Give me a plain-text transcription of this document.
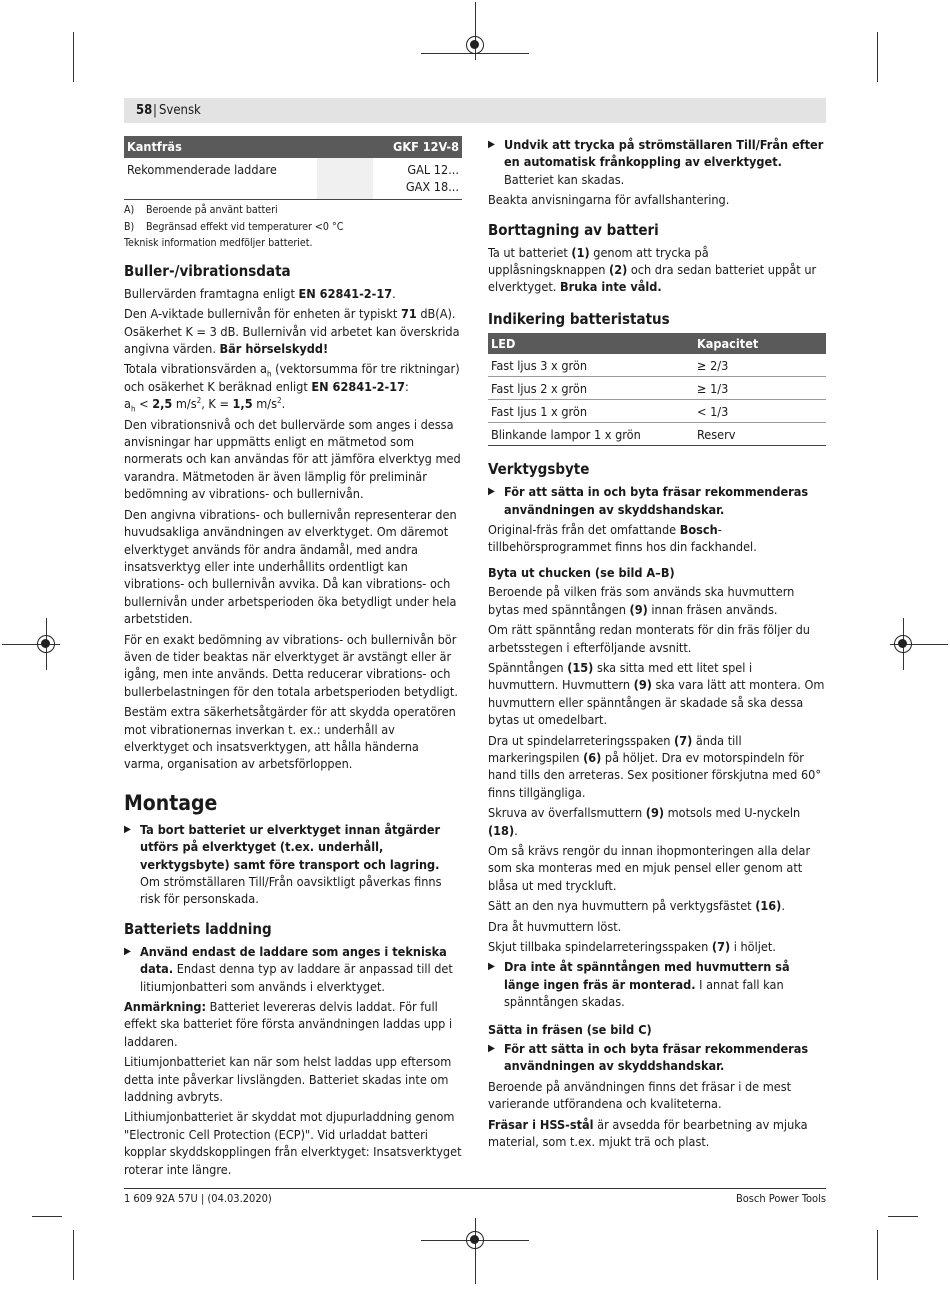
58 | Svensk
Kantfräs		GKF 12V-8
Rekommenderade laddare		GAL 12...
GAX 18...
A) Beroende på använt batteri
B) Begränsad effekt vid temperaturer <0 °C
Teknisk information medföljer batteriet.
Buller-/vibrationsdata

Bullervärden framtagna enligt EN 62841-2-17.

Den A-viktade bullernivån för enheten är typiskt 71 dB(A). Osäkerhet K = 3 dB. Bullernivån vid arbetet kan överskrida angivna värden. Bär hörselskydd!

Totala vibrationsvärden $a_h$ (vektorsumma för tre riktningar) och osäkerhet K beräknad enligt EN 62841-2-17:

$a_h < 2,5$ $m/s^2$, K = 1,5 $m/s^2$.

Den vibrationsnivå och det bullervärde som anges i dessa anvisningar har uppmätts enligt en mätmetod som normerats och kan användas för att jämföra elverktyg med varandra. Mätmetoden är även lämplig för preliminär bedömning av vibrations- och bullernivån.

Den angivna vibrations- och bullernivån representerar den huvudsakliga användningen av elverktyget. Om däremot elverktyget används för andra ändamål, med andra insatsverktyg eller inte underhållits ordentligt kan vibrations- och bullernivån avvika. Då kan vibrations- och bullernivån under arbetsperioden öka betydligt under hela arbetstiden.

För en exakt bedömning av vibrations- och bullernivån bör även de tider beaktas när elverktyget är avstängt eller är igång, men inte används. Detta reducerar vibrations- och bullerbelastningen för den totala arbetsperioden betydligt.

Bestäm extra säkerhetsåtgärder för att skydda operatören mot vibrationernas inverkan t. ex.: underhåll av elverktyget och insatsverktygen, att hålla händerna varma, organisation av arbetsförloppen.

Montage
▶ Ta bort batteriet ur elverktyget innan åtgärder utförs på elverktyget (t.ex. underhåll, verktygsbyte) samt före transport och lagring. Om strömställaren Till/Från oavsiktligt påverkas finns risk för personskada.
Batteriets laddning
▶ Använd endast de laddare som anges i tekniska data. Endast denna typ av laddare är anpassad till det litiumjonbatteri som används i elverktyget.

Anmärkning: Batteriet levereras delvis laddat. För full effekt ska batteriet före första användningen laddas upp i laddaren.

Litiumjonbatteriet kan när som helst laddas upp eftersom detta inte påverkar livslängden. Batteriet skadas inte om laddning avbryts.

Lithiumjonbatteriet är skyddat mot djupurladdning genom "Electronic Cell Protection (ECP)". Vid urladdat batteri kopplar skyddskopplingen från elverktyget: Insatsverktyget roterar inte längre.

▶ Undvik att trycka på strömställaren Till/Från efter en automatisk frånkoppling av elverktyget. Batteriet kan skadas.

Beakta anvisningarna för avfallshantering.

Borttagning av batteri

Ta ut batteriet (1) genom att trycka på upplåsningsknappen (2) och dra sedan batteriet uppåt ur elverktyget. Bruka inte våld.

Indikering batteristatus
LED	Kapacitet
Fast ljus 3 x grön	≥ 2/3
Fast ljus 2 x grön	≥ 1/3
Fast ljus 1 x grön	< 1/3
Blinkande lampor 1 x grön	Reserv
Verktygsbyte
▶ För att sätta in och byta fräsar rekommenderas användningen av skyddshandskar.

Original-fräs från det omfattande Bosch-tillbehörsprogrammet finns hos din fackhandel.

Byta ut chucken (se bild A–B)

Beroende på vilken fräs som används ska huvmuttern bytas med spänntången (9) innan fräsen används.

Om rätt spänntång redan monterats för din fräs följer du arbetsstegen i efterföljande avsnitt.

Spänntången (15) ska sitta med ett litet spel i huvmuttern. Huvmuttern (9) ska vara lätt att montera. Om huvmuttern eller spänntången är skadade så ska dessa bytas ut omedelbart.

Dra ut spindelarreteringsspaken (7) ända till markeringspilen (6) på höljet. Dra ev motorspindeln för hand tills den arreteras. Sex positioner förskjutna med 60° finns tillgängliga.

Skruva av överfallsmuttern (9) motsols med U-nyckeln (18).

Om så krävs rengör du innan ihopmonteringen alla delar som ska monteras med en mjuk pensel eller genom att blåsa ut med tryckluft.

Sätt an den nya huvmuttern på verktygsfästet (16).

Dra åt huvmuttern löst.

Skjut tillbaka spindelarreteringsspaken (7) i höljet.

▶ Dra inte åt spänntången med huvmuttern så länge ingen fräs är monterad. I annat fall kan spänntången skadas.
Sätta in fräsen (se bild C)
▶ För att sätta in och byta fräsar rekommenderas användningen av skyddshandskar.

Beroende på användningen finns det fräsar i de mest varierande utförandena och kvaliteterna.

Fräsar i HSS-stål är avsedda för bearbetning av mjuka material, som t.ex. mjukt trä och plast.

1 609 92A 57U | (04.03.2020)	Bosch Power Tools
